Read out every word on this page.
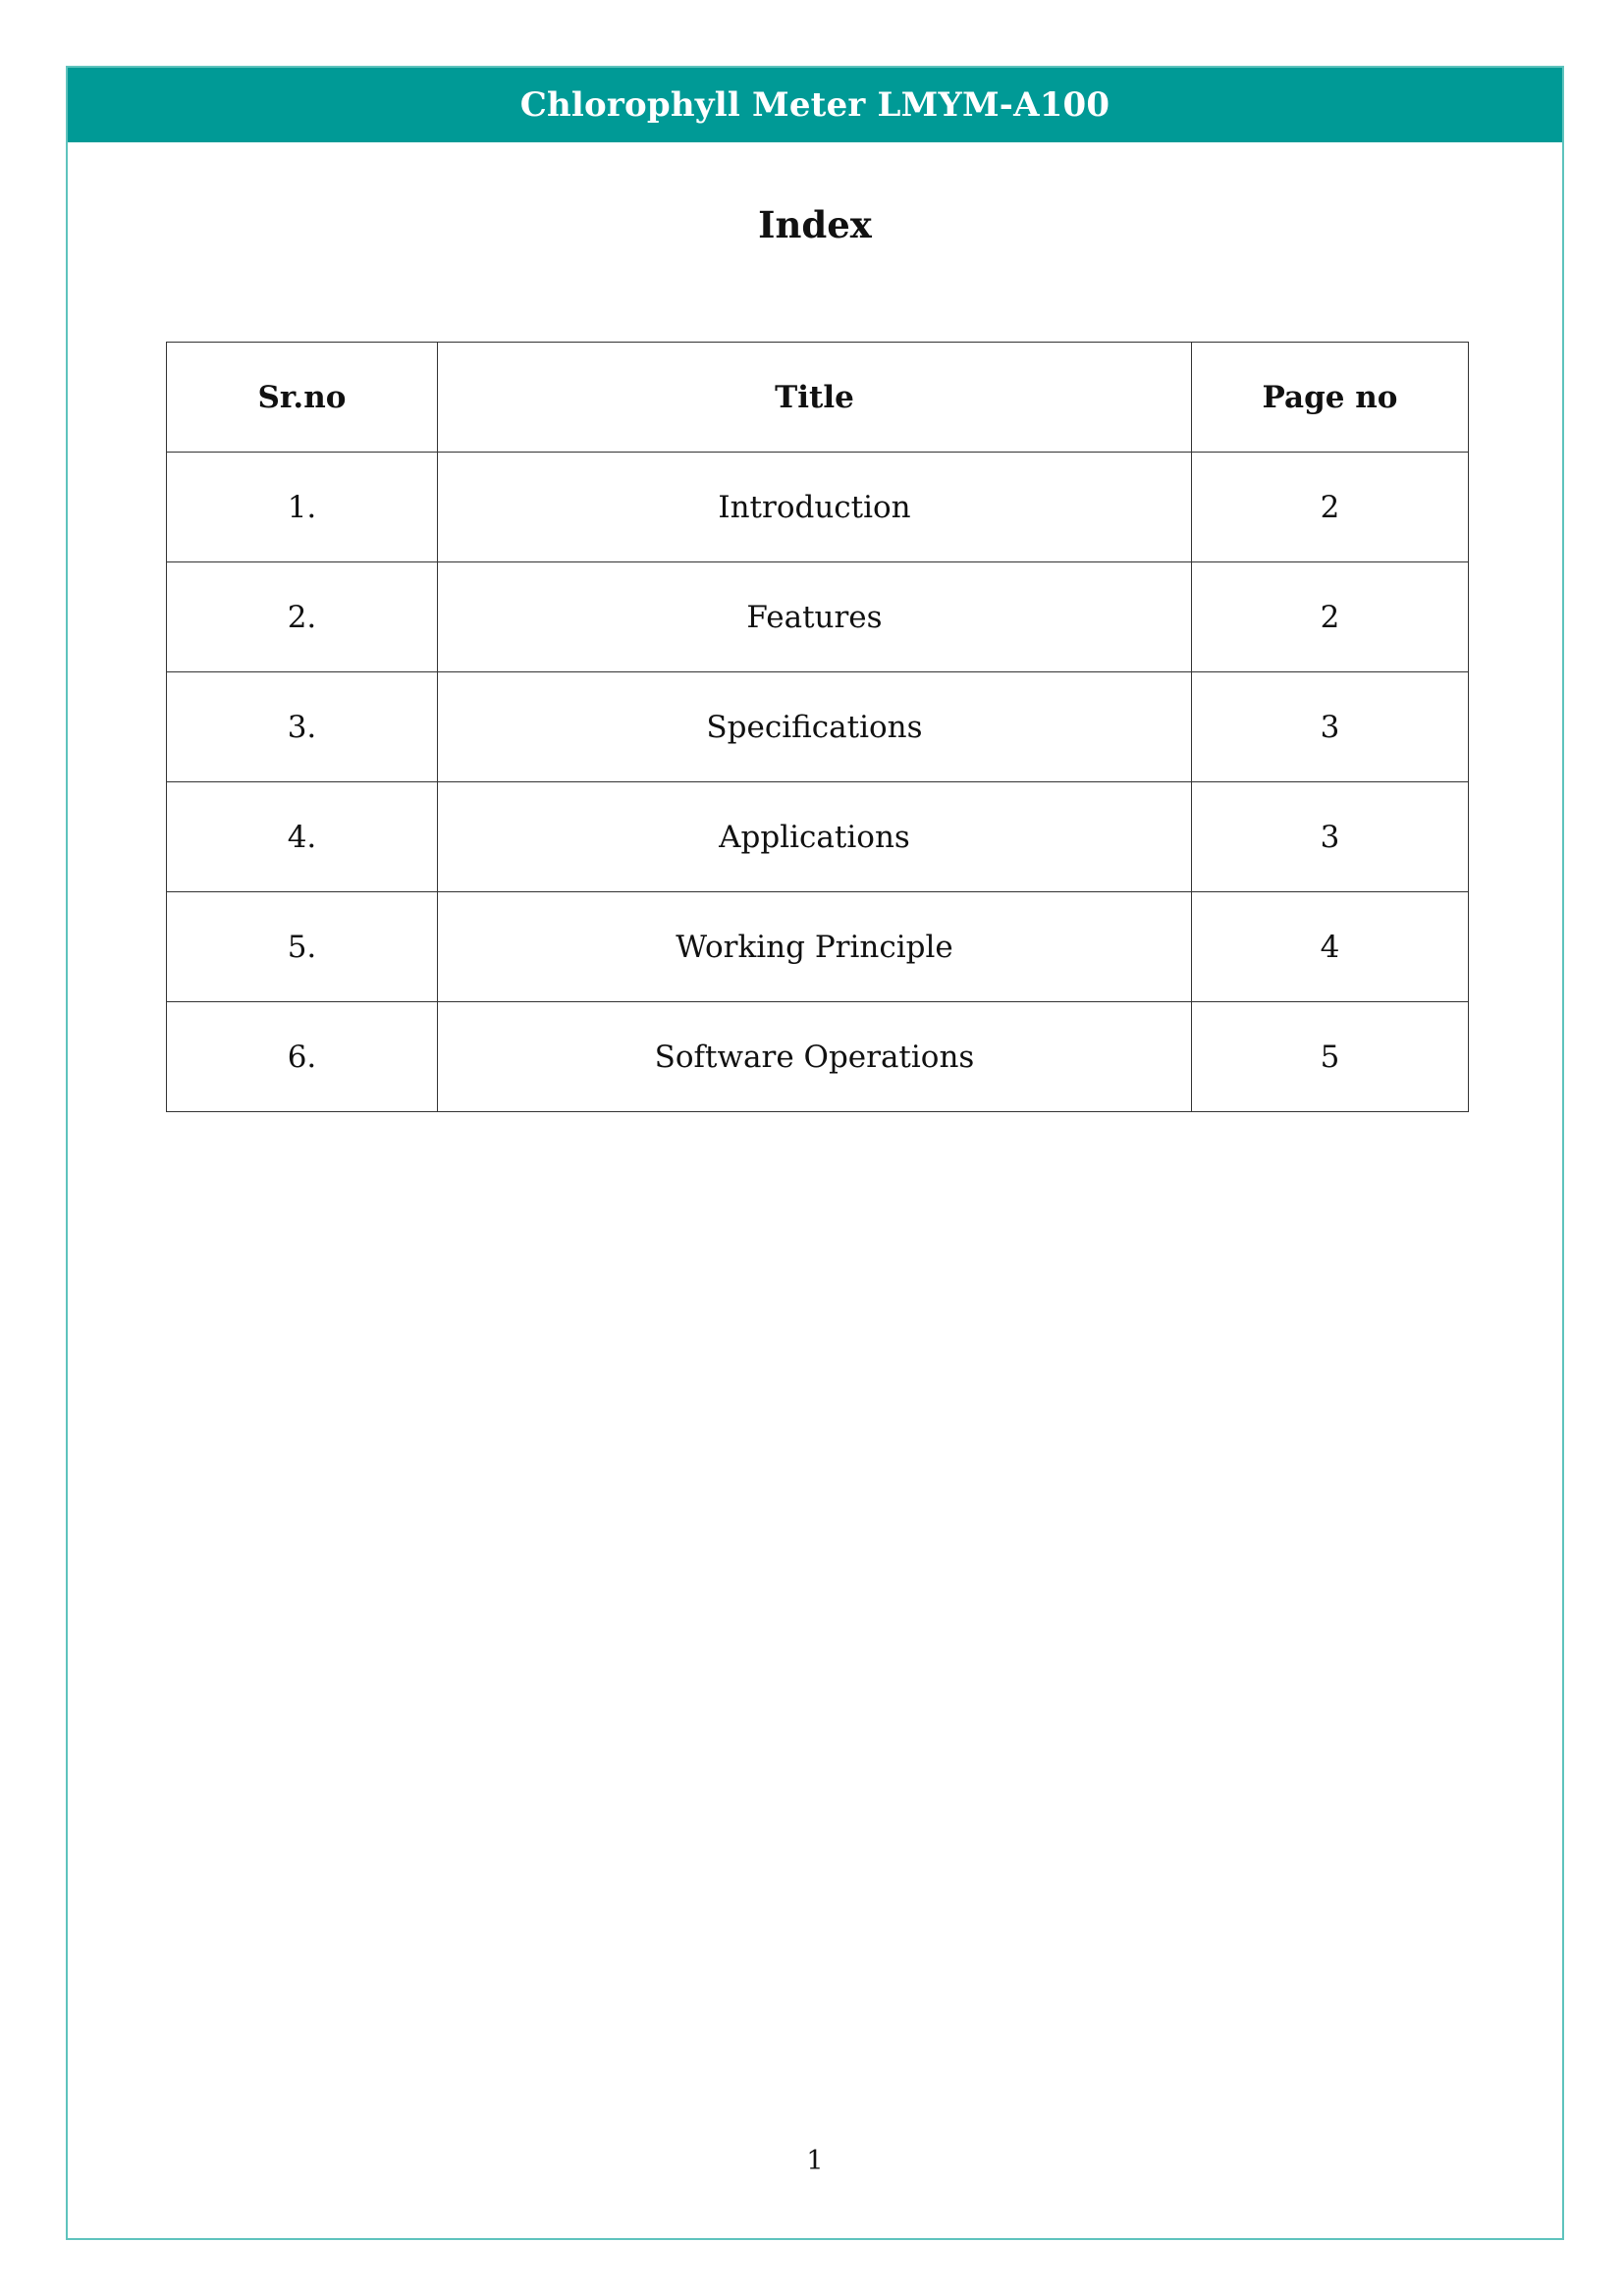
Chlorophyll Meter LMYM-A100
Index
Sr.no	Title	Page no
1.	Introduction	2
2.	Features	2
3.	Specifications	3
4.	Applications	3
5.	Working Principle	4
6.	Software Operations	5
1
